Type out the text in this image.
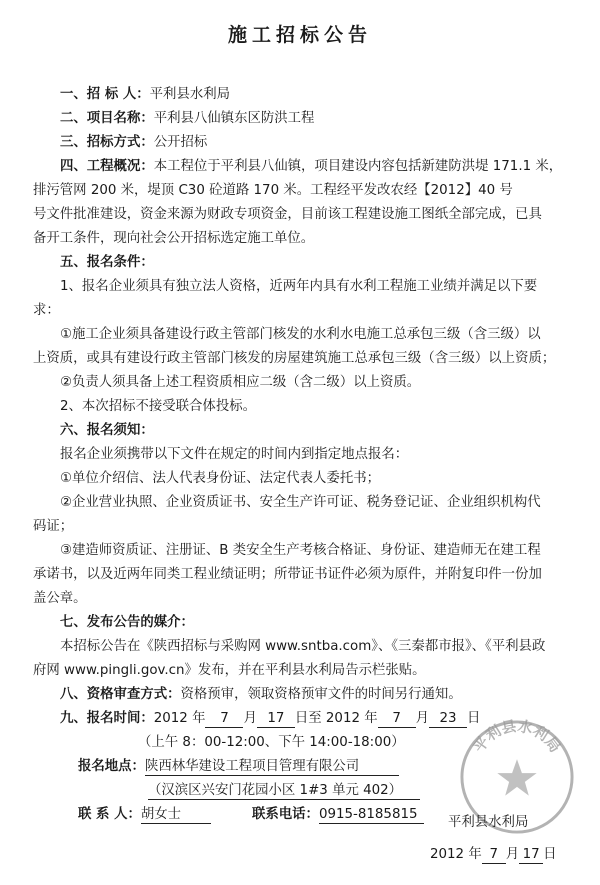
施工招标公告
一、招 标 人：平利县水利局
二、项目名称：平利县八仙镇东区防洪工程
三、招标方式：公开招标
四、工程概况：本工程位于平利县八仙镇，项目建设内容包括新建防洪堤 171.1 米，
排污管网 200 米，堤顶 C30 砼道路 170 米。工程经平发改农经【2012】40 号
号文件批准建设，资金来源为财政专项资金，目前该工程建设施工图纸全部完成，已具
备开工条件，现向社会公开招标选定施工单位。
五、报名条件：
1、报名企业须具有独立法人资格，近两年内具有水利工程施工业绩并满足以下要
求：
①施工企业须具备建设行政主管部门核发的水利水电施工总承包三级（含三级）以
上资质，或具有建设行政主管部门核发的房屋建筑施工总承包三级（含三级）以上资质；
②负责人须具备上述工程资质相应二级（含二级）以上资质。
2、本次招标不接受联合体投标。
六、报名须知：
报名企业须携带以下文件在规定的时间内到指定地点报名：
①单位介绍信、法人代表身份证、法定代表人委托书；
②企业营业执照、企业资质证书、安全生产许可证、税务登记证、企业组织机构代
码证；
③建造师资质证、注册证、B 类安全生产考核合格证、身份证、建造师无在建工程
承诺书，以及近两年同类工程业绩证明；所带证书证件必须为原件，并附复印件一份加
盖公章。
七、发布公告的媒介：
本招标公告在《陕西招标与采购网 www.sntba.com》、《三秦都市报》、《平利县政
府网 www.pingli.gov.cn》发布，并在平利县水利局告示栏张贴。
八、资格审查方式：资格预审，领取资格预审文件的时间另行通知。
九、报名时间：2012 年 7 月 17 日至 2012 年 7 月 23 日
（上午 8：00-12:00、下午 14:00-18:00）
报名地点：陕西林华建设工程项目管理有限公司
（汉滨区兴安门花园小区 1#3 单元 402）
联 系 人：胡女士	联系电话：0915-8185815
平利县水利局
平利县水利局
2012 年 7 月 17 日
